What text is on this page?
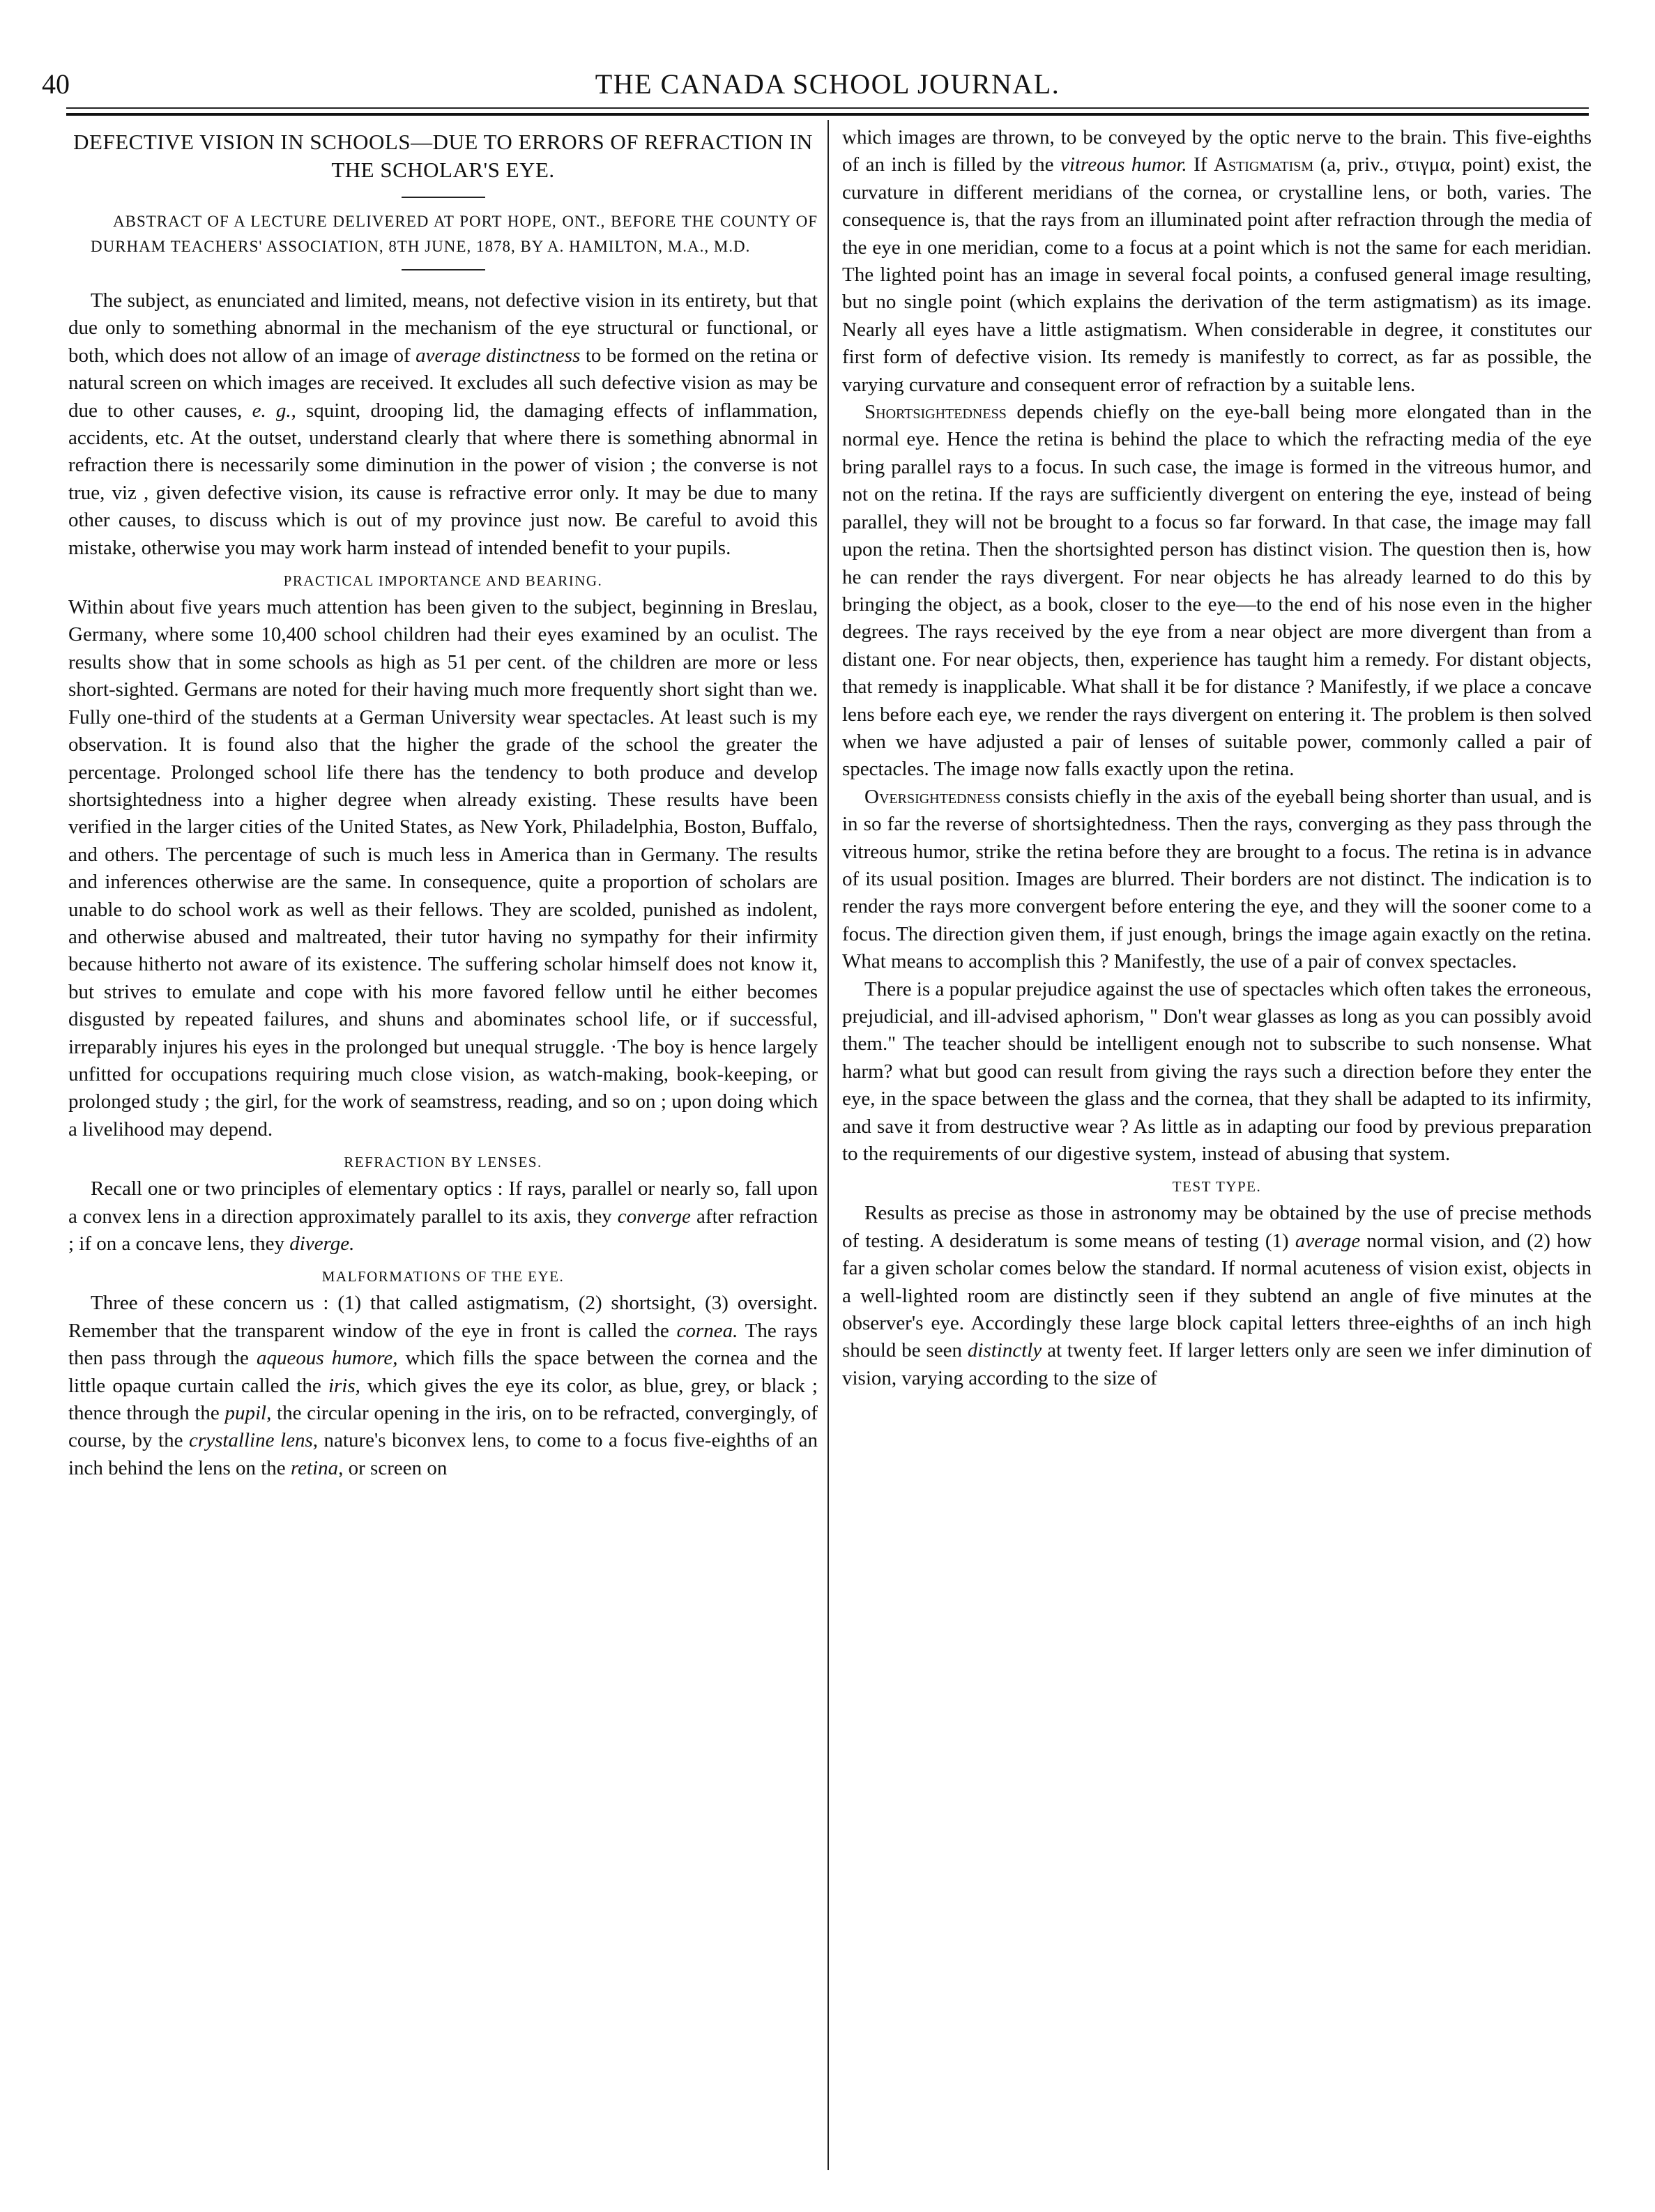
40	THE CANADA SCHOOL JOURNAL.
DEFECTIVE VISION IN SCHOOLS—DUE TO ERRORS OF REFRACTION IN THE SCHOLAR'S EYE.

ABSTRACT OF A LECTURE DELIVERED AT PORT HOPE, ONT., BEFORE THE COUNTY OF DURHAM TEACHERS' ASSOCIATION, 8TH JUNE, 1878, BY A. HAMILTON, M.A., M.D.

The subject, as enunciated and limited, means, not defective vision in its entirety, but that due only to something abnormal in the mechanism of the eye structural or functional, or both, which does not allow of an image of average distinctness to be formed on the retina or natural screen on which images are received. It excludes all such defective vision as may be due to other causes, e. g., squint, drooping lid, the damaging effects of inflammation, accidents, etc. At the outset, understand clearly that where there is something abnormal in refraction there is necessarily some diminution in the power of vision ; the converse is not true, viz , given defective vision, its cause is refractive error only. It may be due to many other causes, to discuss which is out of my province just now. Be careful to avoid this mistake, otherwise you may work harm instead of intended benefit to your pupils.

PRACTICAL IMPORTANCE AND BEARING.

Within about five years much attention has been given to the subject, beginning in Breslau, Germany, where some 10,400 school children had their eyes examined by an oculist. The results show that in some schools as high as 51 per cent. of the children are more or less short-sighted. Germans are noted for their having much more frequently short sight than we. Fully one-third of the students at a German University wear spectacles. At least such is my observation. It is found also that the higher the grade of the school the greater the percentage. Prolonged school life there has the tendency to both produce and develop shortsightedness into a higher degree when already existing. These results have been verified in the larger cities of the United States, as New York, Philadelphia, Boston, Buffalo, and others. The percentage of such is much less in America than in Germany. The results and inferences otherwise are the same. In consequence, quite a proportion of scholars are unable to do school work as well as their fellows. They are scolded, punished as indolent, and otherwise abused and maltreated, their tutor having no sympathy for their infirmity because hitherto not aware of its existence. The suffering scholar himself does not know it, but strives to emulate and cope with his more favored fellow until he either becomes disgusted by repeated failures, and shuns and abominates school life, or if successful, irreparably injures his eyes in the prolonged but unequal struggle. ·The boy is hence largely unfitted for occupations requiring much close vision, as watch-making, book-keeping, or prolonged study ; the girl, for the work of seamstress, reading, and so on ; upon doing which a livelihood may depend.

REFRACTION BY LENSES.

Recall one or two principles of elementary optics : If rays, parallel or nearly so, fall upon a convex lens in a direction approximately parallel to its axis, they converge after refraction ; if on a concave lens, they diverge.

MALFORMATIONS OF THE EYE.

Three of these concern us : (1) that called astigmatism, (2) shortsight, (3) oversight. Remember that the transparent window of the eye in front is called the cornea. The rays then pass through the aqueous humore, which fills the space between the cornea and the little opaque curtain called the iris, which gives the eye its color, as blue, grey, or black ; thence through the pupil, the circular opening in the iris, on to be refracted, convergingly, of course, by the crystalline lens, nature's biconvex lens, to come to a focus five-eighths of an inch behind the lens on the retina, or screen on

which images are thrown, to be conveyed by the optic nerve to the brain. This five-eighths of an inch is filled by the vitreous humor. If Astigmatism (a, priv., στιγμα, point) exist, the curvature in different meridians of the cornea, or crystalline lens, or both, varies. The consequence is, that the rays from an illuminated point after refraction through the media of the eye in one meridian, come to a focus at a point which is not the same for each meridian. The lighted point has an image in several focal points, a confused general image resulting, but no single point (which explains the derivation of the term astigmatism) as its image. Nearly all eyes have a little astigmatism. When considerable in degree, it constitutes our first form of defective vision. Its remedy is manifestly to correct, as far as possible, the varying curvature and consequent error of refraction by a suitable lens.

Shortsightedness depends chiefly on the eye-ball being more elongated than in the normal eye. Hence the retina is behind the place to which the refracting media of the eye bring parallel rays to a focus. In such case, the image is formed in the vitreous humor, and not on the retina. If the rays are sufficiently divergent on entering the eye, instead of being parallel, they will not be brought to a focus so far forward. In that case, the image may fall upon the retina. Then the shortsighted person has distinct vision. The question then is, how he can render the rays divergent. For near objects he has already learned to do this by bringing the object, as a book, closer to the eye—to the end of his nose even in the higher degrees. The rays received by the eye from a near object are more divergent than from a distant one. For near objects, then, experience has taught him a remedy. For distant objects, that remedy is inapplicable. What shall it be for distance ? Manifestly, if we place a concave lens before each eye, we render the rays divergent on entering it. The problem is then solved when we have adjusted a pair of lenses of suitable power, commonly called a pair of spectacles. The image now falls exactly upon the retina.

Oversightedness consists chiefly in the axis of the eyeball being shorter than usual, and is in so far the reverse of shortsightedness. Then the rays, converging as they pass through the vitreous humor, strike the retina before they are brought to a focus. The retina is in advance of its usual position. Images are blurred. Their borders are not distinct. The indication is to render the rays more convergent before entering the eye, and they will the sooner come to a focus. The direction given them, if just enough, brings the image again exactly on the retina. What means to accomplish this ? Manifestly, the use of a pair of convex spectacles.

There is a popular prejudice against the use of spectacles which often takes the erroneous, prejudicial, and ill-advised aphorism, " Don't wear glasses as long as you can possibly avoid them." The teacher should be intelligent enough not to subscribe to such nonsense. What harm? what but good can result from giving the rays such a direction before they enter the eye, in the space between the glass and the cornea, that they shall be adapted to its infirmity, and save it from destructive wear ? As little as in adapting our food by previous preparation to the requirements of our digestive system, instead of abusing that system.

TEST TYPE.

Results as precise as those in astronomy may be obtained by the use of precise methods of testing. A desideratum is some means of testing (1) average normal vision, and (2) how far a given scholar comes below the standard. If normal acuteness of vision exist, objects in a well-lighted room are distinctly seen if they subtend an angle of five minutes at the observer's eye. Accordingly these large block capital letters three-eighths of an inch high should be seen distinctly at twenty feet. If larger letters only are seen we infer diminution of vision, varying according to the size of
